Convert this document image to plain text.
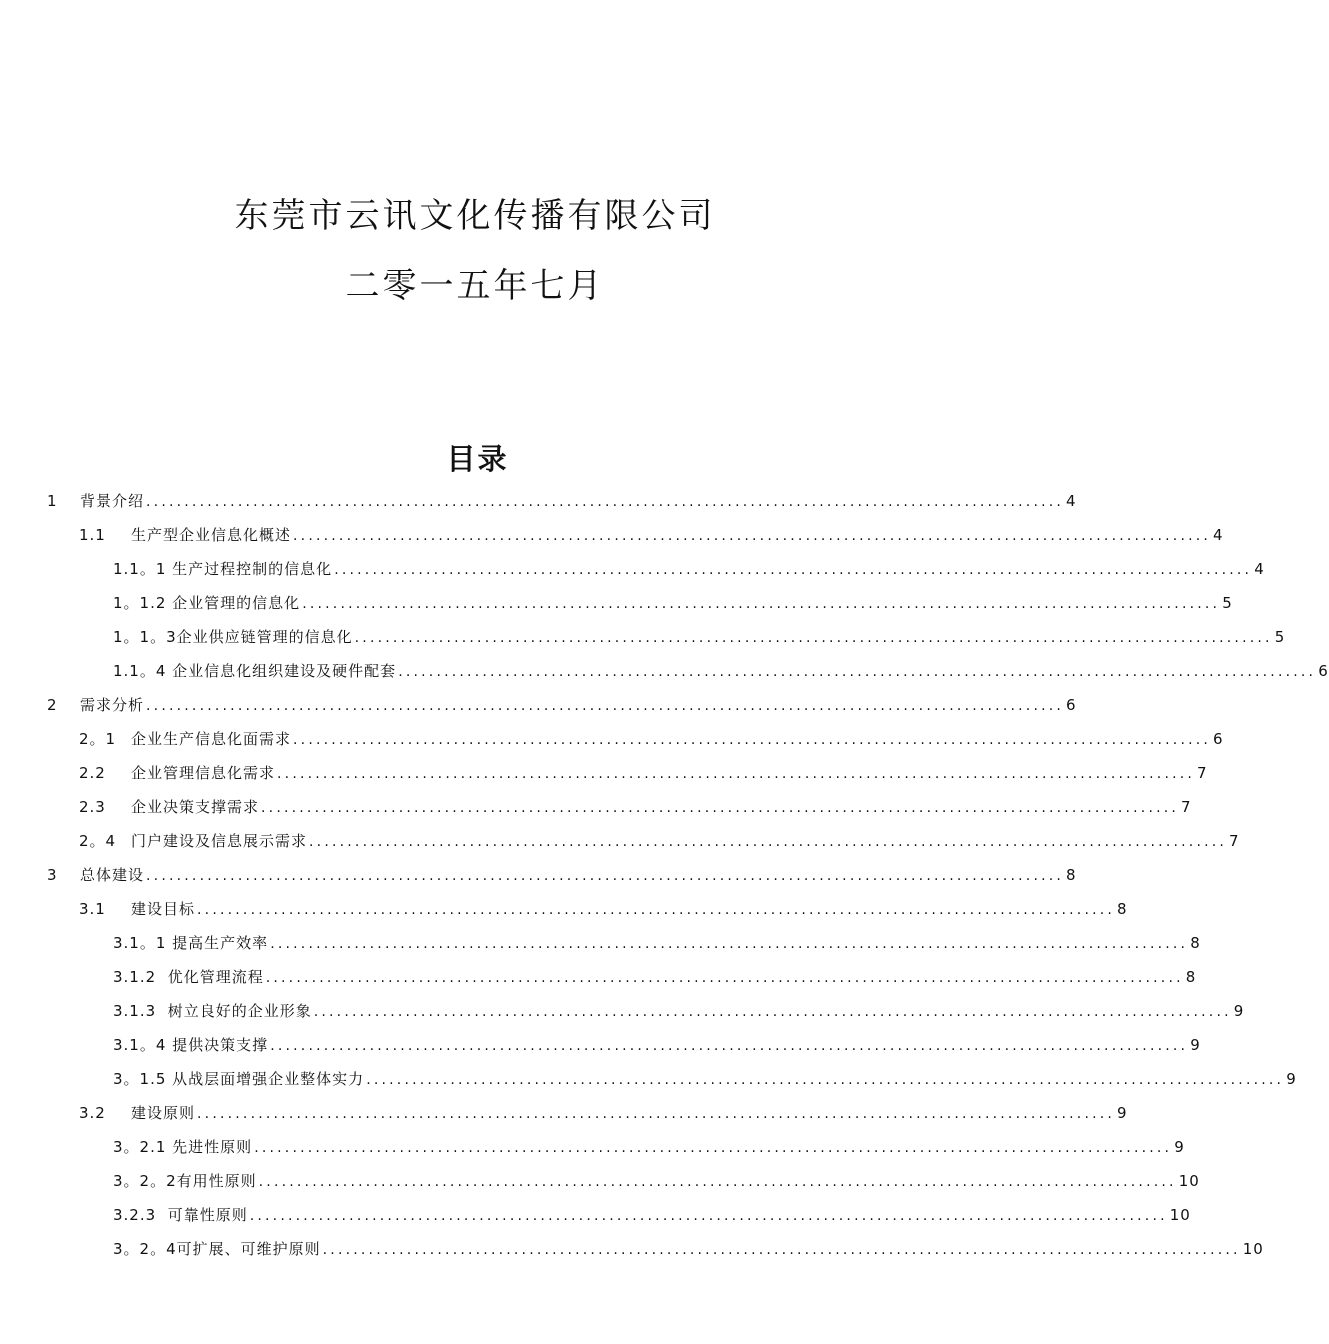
东莞市云讯文化传播有限公司
二零一五年七月
目录
1	背景介绍 ........................................................................................................................ 4
1.1	生产型企业信息化概述 ........................................................................................................................ 4
1.1。1 生产过程控制的信息化 ........................................................................................................................ 4
1。1.2 企业管理的信息化 ........................................................................................................................ 5
1。1。3 企业供应链管理的信息化 ........................................................................................................................ 5
1.1。4 企业信息化组织建设及硬件配套 ........................................................................................................................ 6
2	需求分析 ........................................................................................................................ 6
2。1 企业生产信息化面需求 ........................................................................................................................ 6
2.2	企业管理信息化需求 ........................................................................................................................ 7
2.3	企业决策支撑需求 ........................................................................................................................ 7
2。4 门户建设及信息展示需求 ........................................................................................................................ 7
3	总体建设 ........................................................................................................................ 8
3.1	建设目标 ........................................................................................................................ 8
3.1。1 提高生产效率 ........................................................................................................................ 8
3.1.2 优化管理流程 ........................................................................................................................ 8
3.1.3 树立良好的企业形象 ........................................................................................................................ 9
3.1。4 提供决策支撑 ........................................................................................................................ 9
3。1.5 从战层面增强企业整体实力 ........................................................................................................................ 9
3.2	建设原则 ........................................................................................................................ 9
3。2.1 先进性原则 ........................................................................................................................ 9
3。2。2 有用性原则 ........................................................................................................................ 10
3.2.3 可靠性原则 ........................................................................................................................ 10
3。2。4 可扩展、可维护原则 ........................................................................................................................ 10
